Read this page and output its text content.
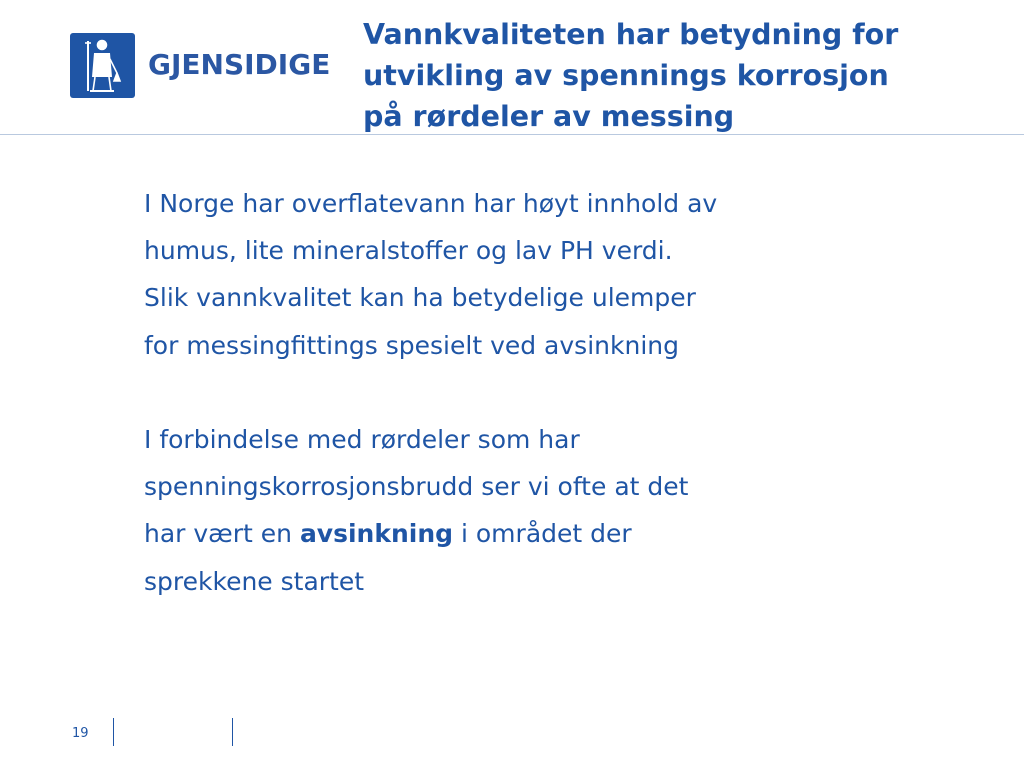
GJENSIDIGE
Vannkvaliteten har betydning for
utvikling av spennings korrosjon
på rørdeler av messing
I Norge har overflatevann har høyt innhold av
humus, lite mineralstoffer og lav PH verdi.
Slik vannkvalitet kan ha betydelige ulemper
for messingfittings spesielt ved avsinkning
I forbindelse med rørdeler som har
spenningskorrosjonsbrudd ser vi ofte at det
har vært en avsinkning i området der
sprekkene startet
19
